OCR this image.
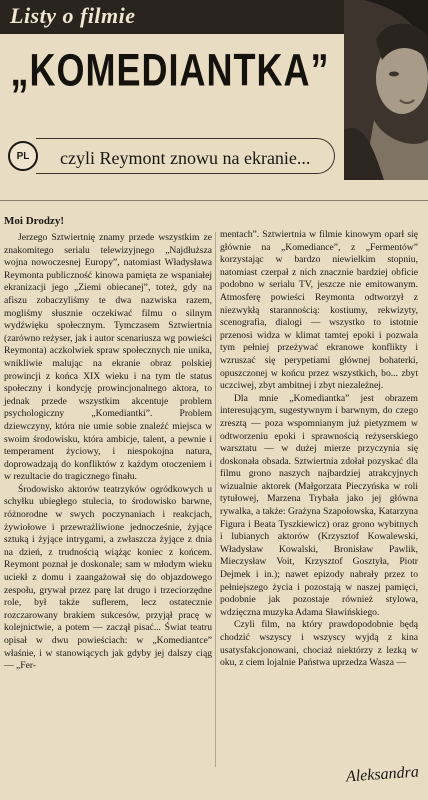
Listy o filmie
„KOMEDIANTKA”
PL	czyli Reymont znowu na ekranie...
Moi Drodzy!

Jerzego Sztwiertnię znamy przede wszystkim ze znakomitego serialu telewizyjnego „Najdłuższa wojna nowoczesnej Europy”, natomiast Władysława Reymonta publiczność kinowa pamięta ze wspaniałej ekranizacji jego „Ziemi obiecanej”, toteż, gdy na afiszu zobaczyliśmy te dwa nazwiska razem, mogliśmy słusznie oczekiwać filmu o silnym wydźwięku społecznym. Tymczasem Sztwiertnia (zarówno reżyser, jak i autor scenariusza wg powieści Reymonta) aczkolwiek spraw społecznych nie unika, wnikliwie malując na ekranie obraz polskiej prowincji z końca XIX wieku i na tym tle status społeczny i kondycję prowincjonalnego aktora, to jednak przede wszystkim akcentuje problem psychologiczny „Komediantki”. Problem dziewczyny, która nie umie sobie znaleźć miejsca w swoim środowisku, która ambicje, talent, a pewnie i temperament życiowy, i niespokojna natura, doprowadzają do konfliktów z każdym otoczeniem i w rezultacie do tragicznego finału.

Środowisko aktorów teatrzyków ogródkowych u schyłku ubiegłego stulecia, to środowisko barwne, różnorodne w swych poczynaniach i reakcjach, żywiołowe i przewrażliwione jednocześnie, żyjące sztuką i żyjące intrygami, a zwłaszcza żyjące z dnia na dzień, z trudnością wiążąc koniec z końcem. Reymont poznał je doskonale; sam w młodym wieku uciekł z domu i zaangażował się do objazdowego zespołu, grywał przez parę lat drugo i trzeciorzędne role, był także suflerem, lecz ostatecznie rozczarowany brakiem sukcesów, przyjął pracę w kolejnictwie, a potem — zaczął pisać... Świat teatru opisał w dwu powieściach: w „Komediantce” właśnie, i w stanowiących jak gdyby jej dalszy ciąg — „Fer-

mentach”. Sztwiertnia w filmie kinowym oparł się głównie na „Komediance”, z „Fermentów” korzystając w bardzo niewielkim stopniu, natomiast czerpał z nich znacznie bardziej obficie podobno w serialu TV, jeszcze nie emitowanym. Atmosferę powieści Reymonta odtworzył z niezwykłą starannością: kostiumy, rekwizyty, scenografia, dialogi — wszystko to istotnie przenosi widza w klimat tamtej epoki i pozwala tym pełniej przeżywać ekranowe konflikty i wzruszać się perypetiami głównej bohaterki, opuszczonej w końcu przez wszystkich, bo... zbyt uczciwej, zbyt ambitnej i zbyt niezależnej.

Dla mnie „Komediantka” jest obrazem interesującym, sugestywnym i barwnym, do czego zresztą — poza wspomnianym już pietyzmem w odtworzeniu epoki i sprawnością reżyserskiego warsztatu — w dużej mierze przyczynia się doskonała obsada. Sztwiertnia zdołał pozyskać dla filmu grono naszych najbardziej atrakcyjnych wizualnie aktorek (Małgorzata Pieczyńska w roli tytułowej, Marzena Trybała jako jej główna rywalka, a także: Grażyna Szapołowska, Katarzyna Figura i Beata Tyszkiewicz) oraz grono wybitnych i lubianych aktorów (Krzysztof Kowalewski, Władysław Kowalski, Bronisław Pawlik, Mieczysław Voit, Krzysztof Gosztyła, Piotr Dejmek i in.); nawet epizody nabrały przez to pełniejszego życia i pozostają w naszej pamięci, podobnie jak pozostaje również stylowa, wdzięczna muzyka Adama Sławińskiego.

Czyli film, na który prawdopodobnie będą chodzić wszyscy i wszyscy wyjdą z kina usatysfakcjonowani, chociaż niektórzy z lezką w oku, z ciem lojalnie Państwa uprzedza Wasza —

Aleksandra
